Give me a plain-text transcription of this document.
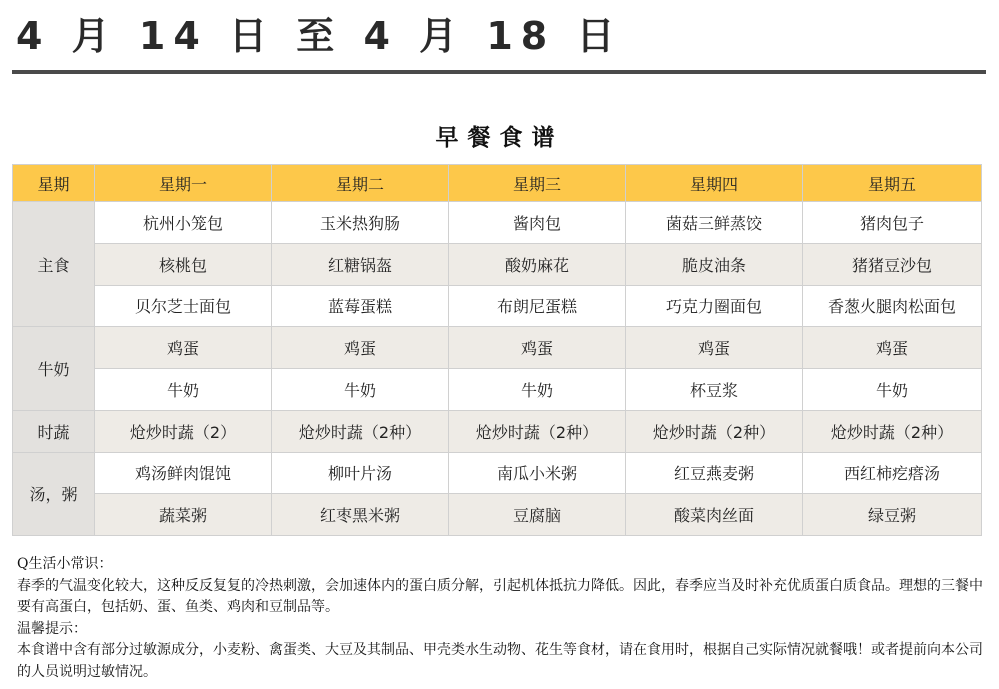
4 月 14 日 至 4 月 18 日
早餐食谱
星期	星期一	星期二	星期三	星期四	星期五
主食	杭州小笼包	玉米热狗肠	酱肉包	菌菇三鲜蒸饺	猪肉包子
	核桃包	红糖锅盔	酸奶麻花	脆皮油条	猪猪豆沙包
	贝尔芝士面包	蓝莓蛋糕	布朗尼蛋糕	巧克力圈面包	香葱火腿肉松面包
牛奶	鸡蛋	鸡蛋	鸡蛋	鸡蛋	鸡蛋
	牛奶	牛奶	牛奶	杯豆浆	牛奶
时蔬	炝炒时蔬（2）	炝炒时蔬（2种）	炝炒时蔬（2种）	炝炒时蔬（2种）	炝炒时蔬（2种）
汤，粥	鸡汤鲜肉馄饨	柳叶片汤	南瓜小米粥	红豆燕麦粥	西红柿疙瘩汤
	蔬菜粥	红枣黑米粥	豆腐脑	酸菜肉丝面	绿豆粥

Q生活小常识：

春季的气温变化较大，这种反反复复的冷热刺激，会加速体内的蛋白质分解，引起机体抵抗力降低。因此，春季应当及时补充优质蛋白质食品。理想的三餐中要有高蛋白，包括奶、蛋、鱼类、鸡肉和豆制品等。

温馨提示：

本食谱中含有部分过敏源成分，小麦粉、禽蛋类、大豆及其制品、甲壳类水生动物、花生等食材，请在食用时，根据自己实际情况就餐哦！或者提前向本公司的人员说明过敏情况。
